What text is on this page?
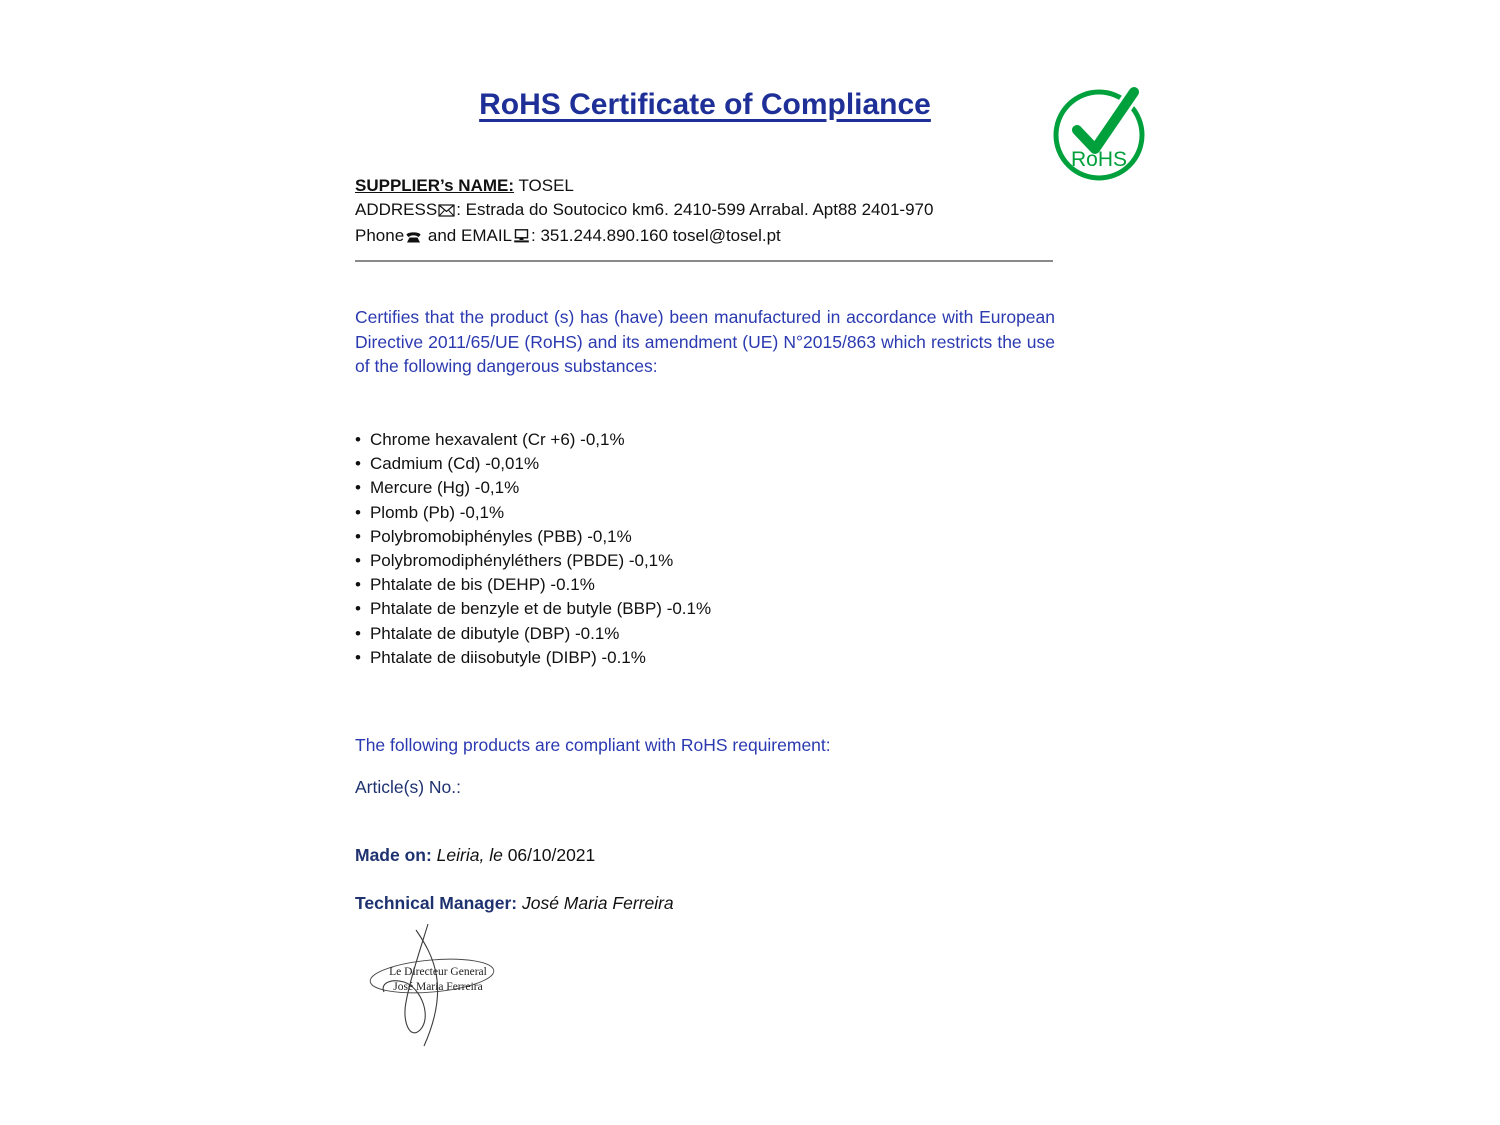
RoHS Certificate of Compliance
RoHS
SUPPLIER’s NAME: TOSEL
ADDRESS : Estrada do Soutocico km6. 2410-599 Arrabal. Apt88 2401-970
Phone and EMAIL : 351.244.890.160 tosel@tosel.pt
Certifies that the product (s) has (have) been manufactured in accordance with European Directive 2011/65/UE (RoHS) and its amendment (UE) N°2015/863 which restricts the use of the following dangerous substances:
• Chrome hexavalent (Cr +6) -0,1%
• Cadmium (Cd) -0,01%
• Mercure (Hg) -0,1%
• Plomb (Pb) -0,1%
• Polybromobiphényles (PBB) -0,1%
• Polybromodiphényléthers (PBDE) -0,1%
• Phtalate de bis (DEHP) -0.1%
• Phtalate de benzyle et de butyle (BBP) -0.1%
• Phtalate de dibutyle (DBP) -0.1%
• Phtalate de diisobutyle (DIBP) -0.1%
The following products are compliant with RoHS requirement:
Article(s) No.:
Made on: Leiria, le 06/10/2021
Technical Manager: José Maria Ferreira
Le Directeur General
José Maria Ferreira
